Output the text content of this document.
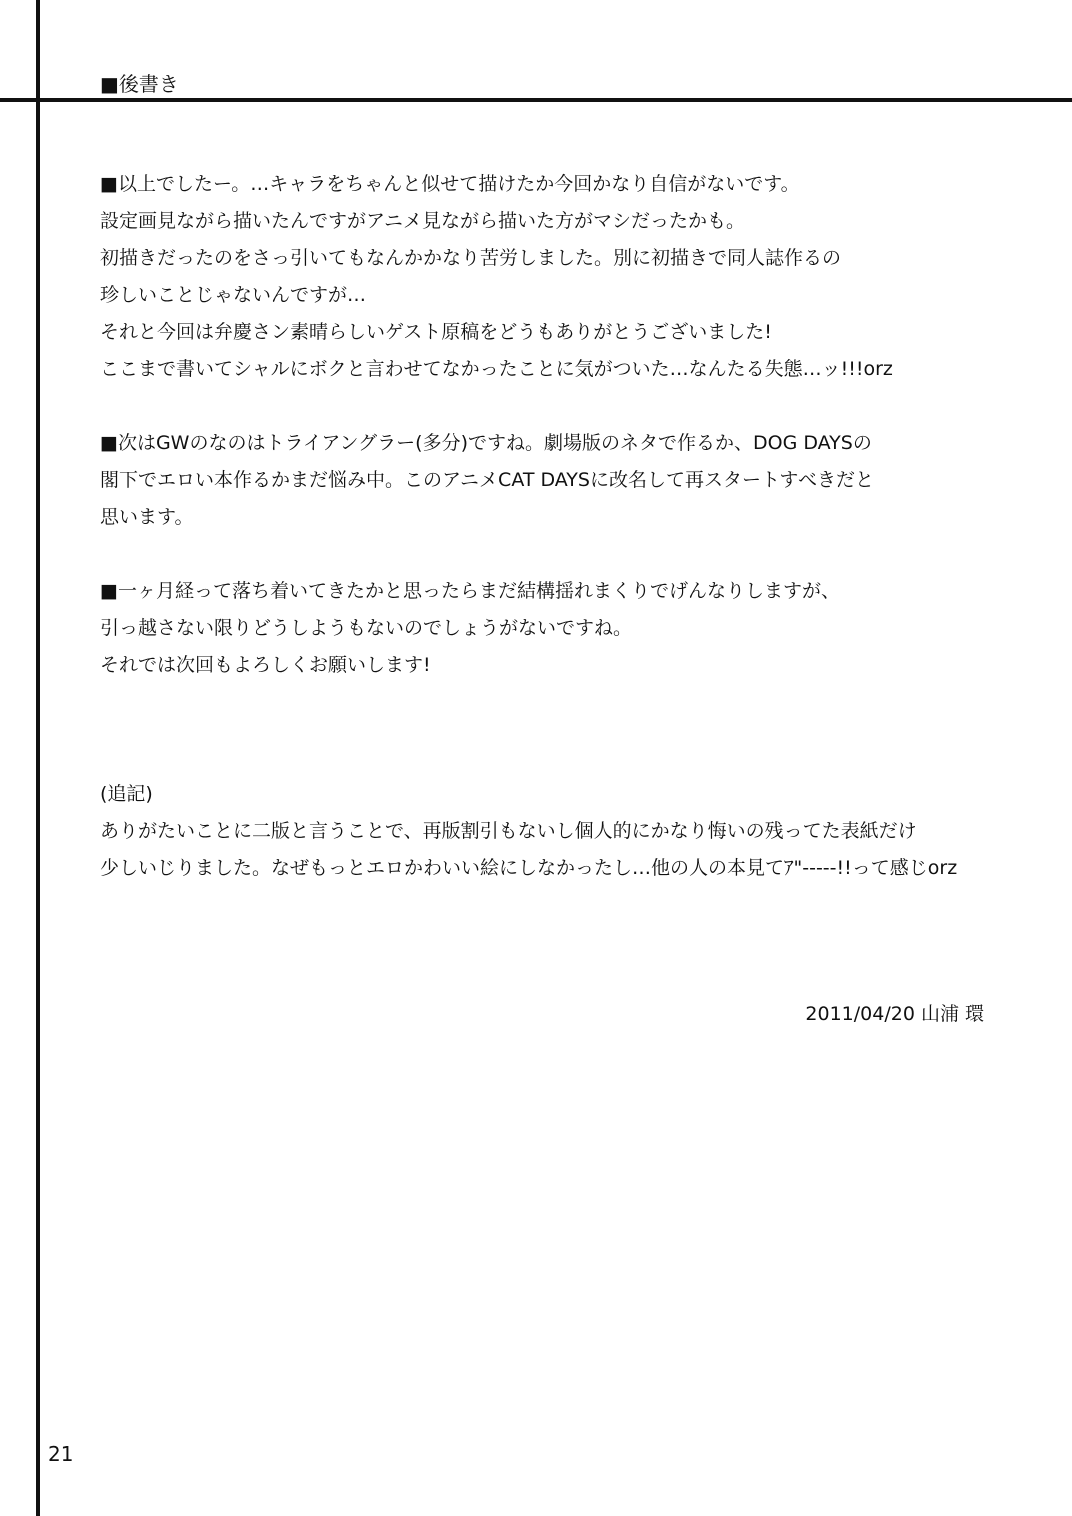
■後書き
■以上でしたー。…キャラをちゃんと似せて描けたか今回かなり自信がないです。
設定画見ながら描いたんですがアニメ見ながら描いた方がマシだったかも。
初描きだったのをさっ引いてもなんかかなり苦労しました。別に初描きで同人誌作るの
珍しいことじゃないんですが…
それと今回は弁慶さン素晴らしいゲスト原稿をどうもありがとうございました!
ここまで書いてシャルにボクと言わせてなかったことに気がついた…なんたる失態…ッ!!!orz
■次はGWのなのはトライアングラー(多分)ですね。劇場版のネタで作るか、DOG DAYSの
閣下でエロい本作るかまだ悩み中。このアニメCAT DAYSに改名して再スタートすべきだと
思います。
■一ヶ月経って落ち着いてきたかと思ったらまだ結構揺れまくりでげんなりしますが、
引っ越さない限りどうしようもないのでしょうがないですね。
それでは次回もよろしくお願いします!
(追記)
ありがたいことに二版と言うことで、再版割引もないし個人的にかなり悔いの残ってた表紙だけ
少しいじりました。なぜもっとエロかわいい絵にしなかったし…他の人の本見てｱ"-----!!って感じorz
2011/04/20 山浦 環
21
